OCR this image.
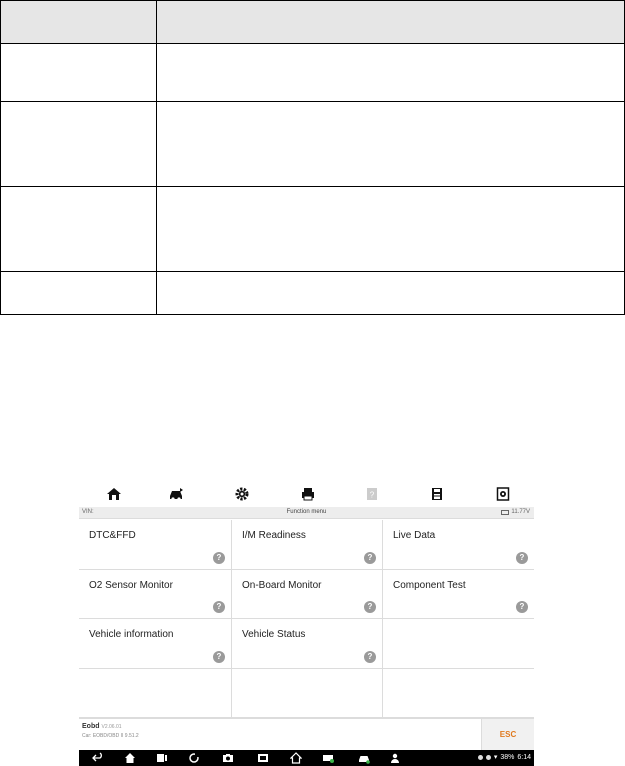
?
VIN:	Function menu	11.77V
DTC&FFD
?
I/M Readiness
?
Live Data
?
O2 Sensor Monitor
?
On-Board Monitor
?
Component Test
?
Vehicle information
?
Vehicle Status
?
Eobd V2.06.01
Car: EOBD/OBD II 9.51.2	ESC
▾ 38% 6:14
